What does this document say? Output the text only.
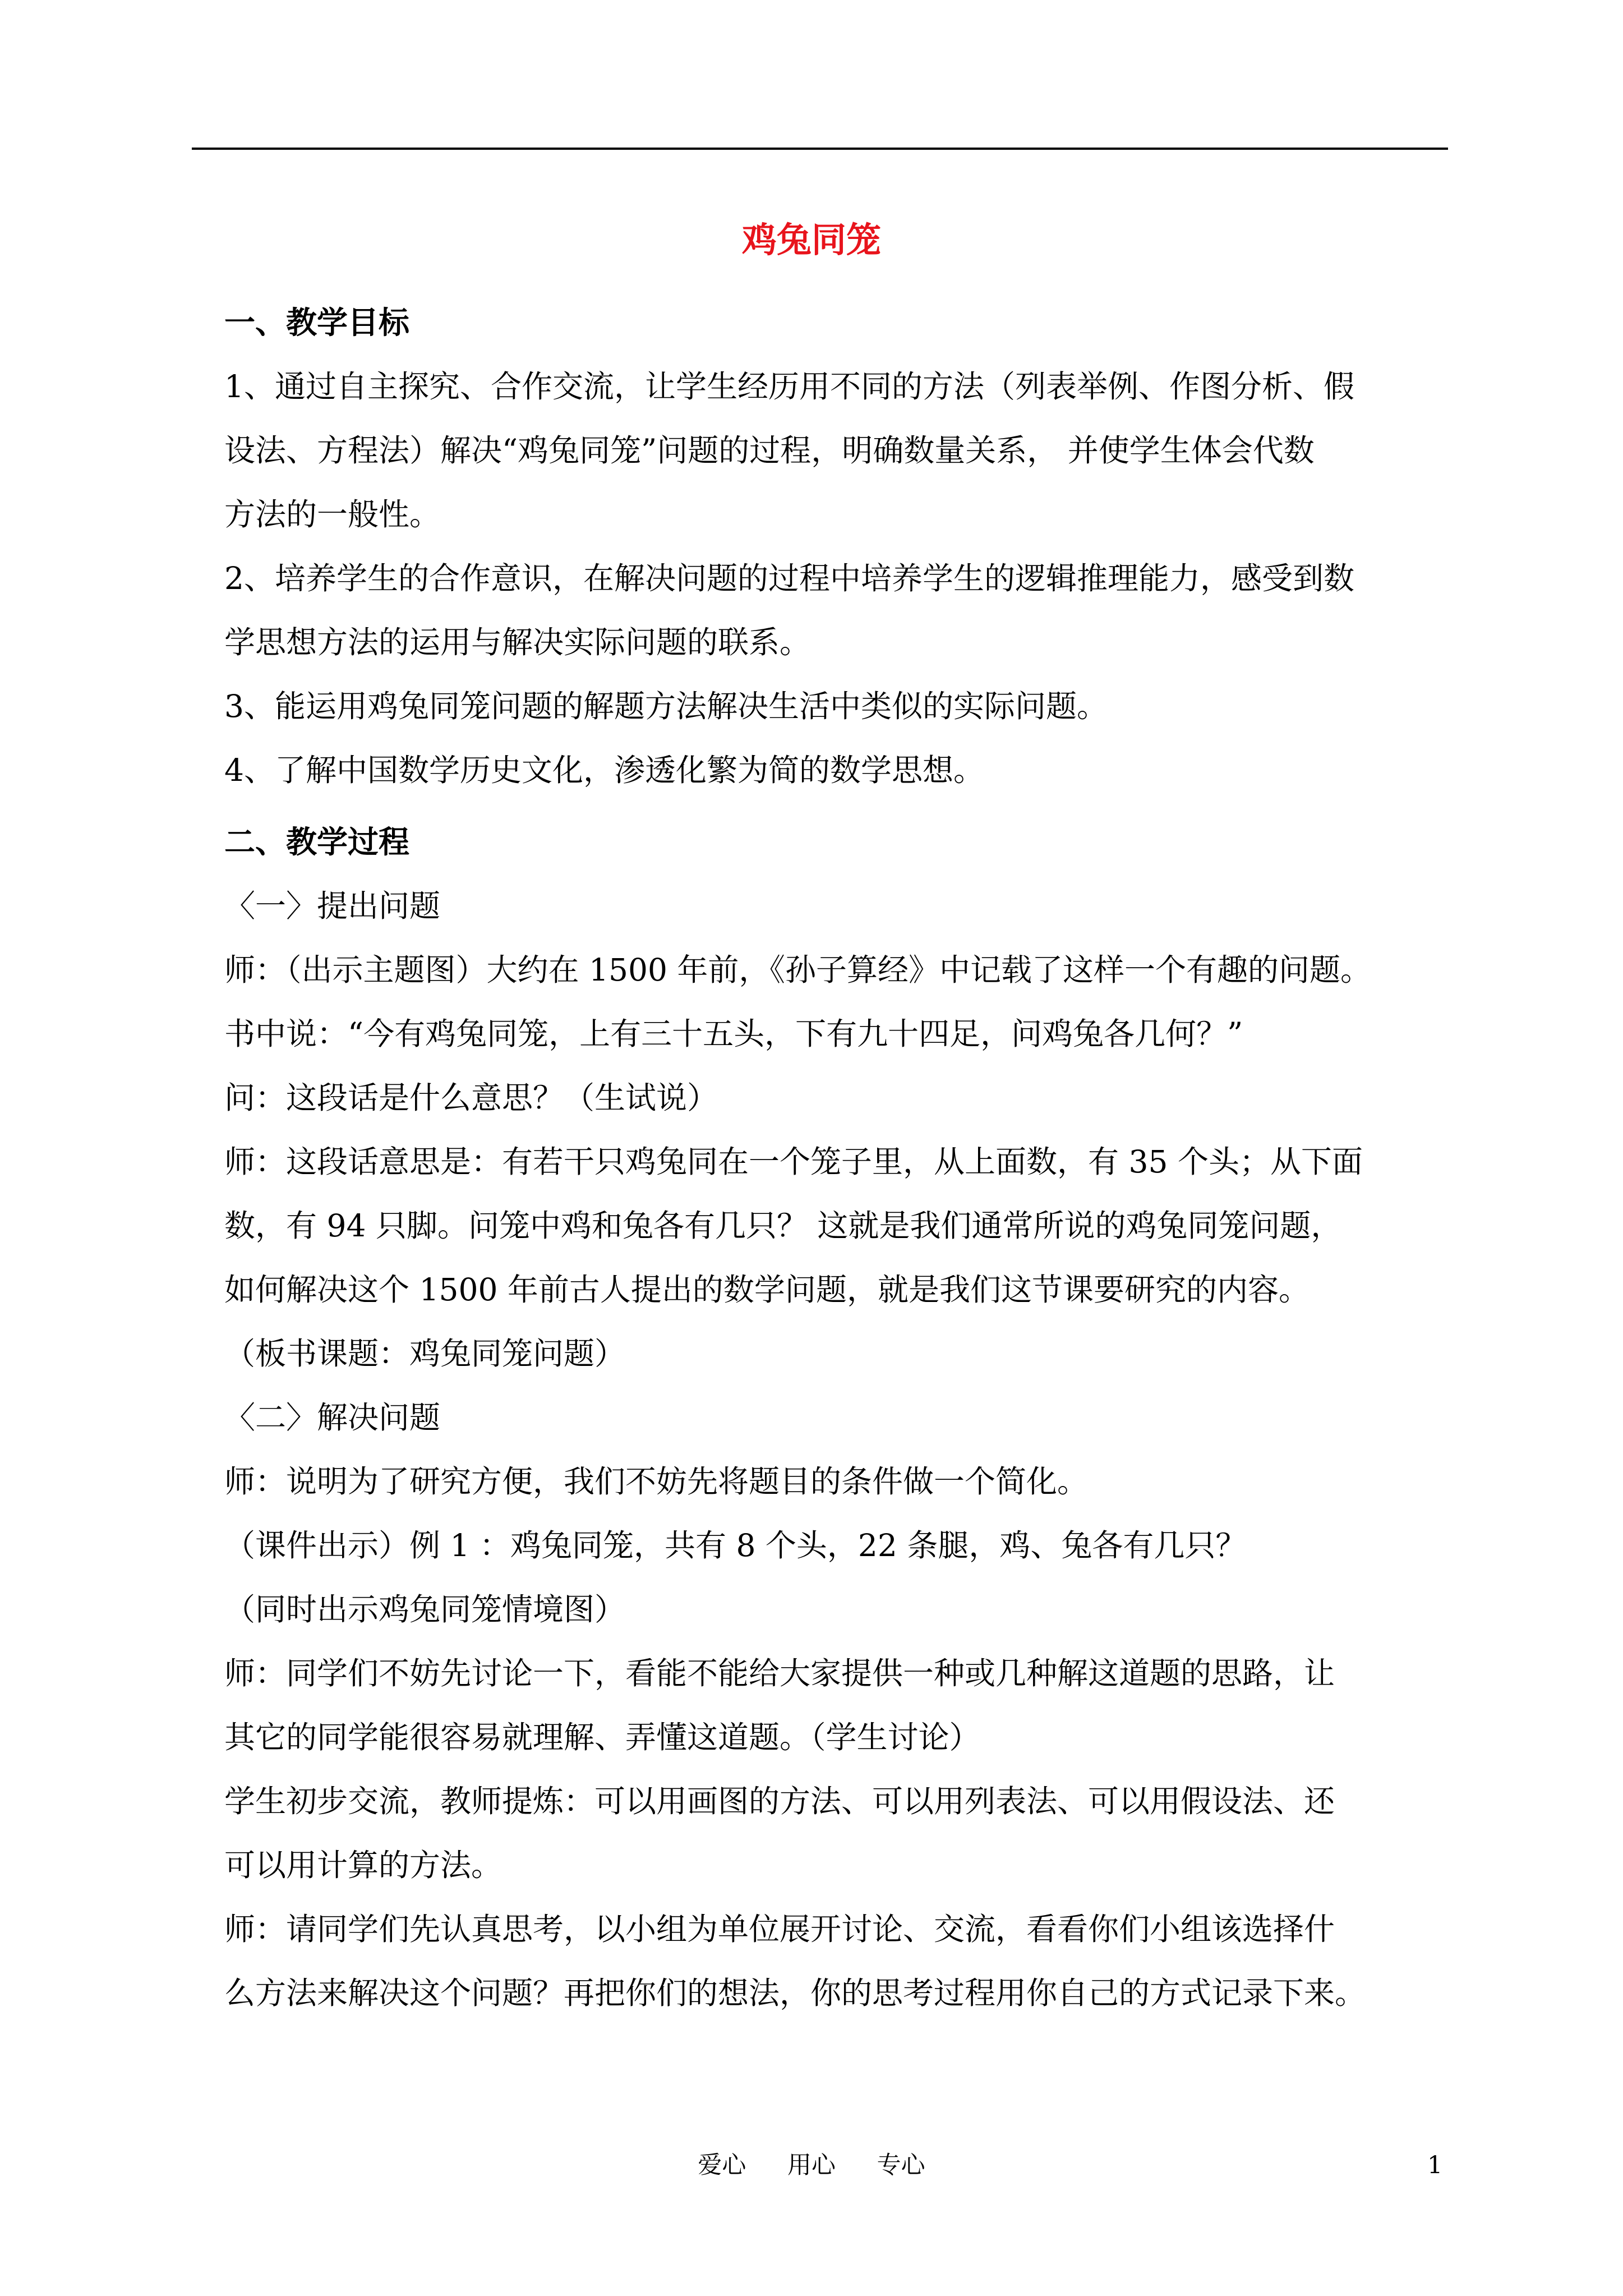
鸡兔同笼
一、教学目标
1、通过自主探究、合作交流，让学生经历用不同的方法（列表举例、作图分析、假
设法、方程法）解决“鸡兔同笼”问题的过程，明确数量关系， 并使学生体会代数
方法的一般性。
2、培养学生的合作意识，在解决问题的过程中培养学生的逻辑推理能力，感受到数
学思想方法的运用与解决实际问题的联系。
3、能运用鸡兔同笼问题的解题方法解决生活中类似的实际问题。
4、了解中国数学历史文化，渗透化繁为简的数学思想。
二、教学过程
〈一〉提出问题
师：（出示主题图）大约在 1500 年前，《孙子算经》中记载了这样一个有趣的问题。
书中说：“今有鸡兔同笼，上有三十五头，下有九十四足，问鸡兔各几何？”
问：这段话是什么意思？（生试说）
师：这段话意思是：有若干只鸡兔同在一个笼子里，从上面数，有 35 个头；从下面
数，有 94 只脚。问笼中鸡和兔各有几只？ 这就是我们通常所说的鸡兔同笼问题，
如何解决这个 1500 年前古人提出的数学问题，就是我们这节课要研究的内容。
（板书课题：鸡兔同笼问题）
〈二〉解决问题
师：说明为了研究方便，我们不妨先将题目的条件做一个简化。
（课件出示）例 1 ：鸡兔同笼，共有 8 个头，22 条腿，鸡、兔各有几只？
（同时出示鸡兔同笼情境图）
师：同学们不妨先讨论一下，看能不能给大家提供一种或几种解这道题的思路，让
其它的同学能很容易就理解、弄懂这道题。（学生讨论）
学生初步交流，教师提炼：可以用画图的方法、可以用列表法、可以用假设法、还
可以用计算的方法。
师：请同学们先认真思考，以小组为单位展开讨论、交流，看看你们小组该选择什
么方法来解决这个问题？再把你们的想法，你的思考过程用你自己的方式记录下来。
爱心 用心 专心	1
